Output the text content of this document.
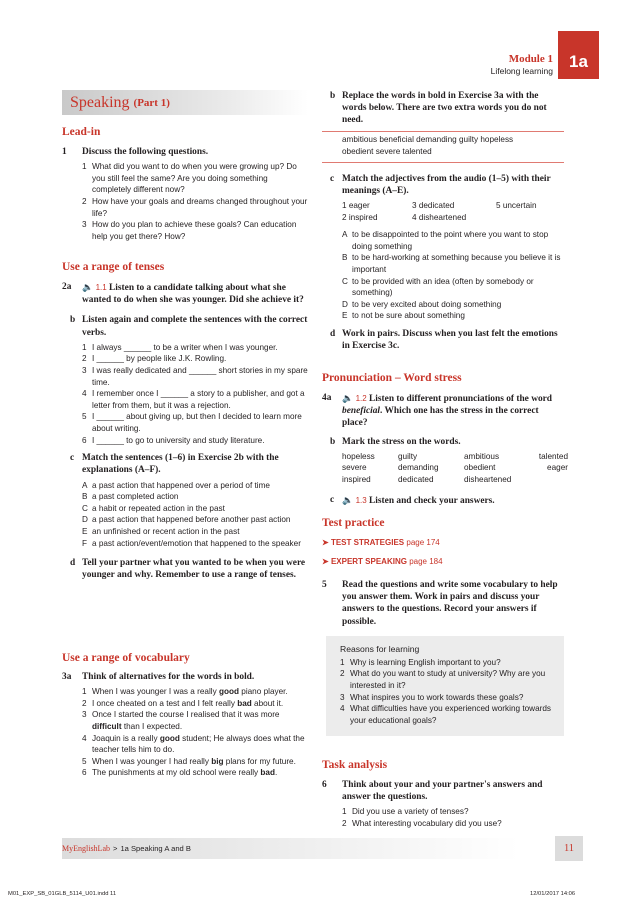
Module 1
Lifelong learning 1a
Speaking (Part 1)
Lead-in
1 Discuss the following questions.
1 What did you want to do when you were growing up? Do you still feel the same? Are you doing something completely different now?
2 How have your goals and dreams changed throughout your life?
3 How do you plan to achieve these goals? Can education help you get there? How?
Use a range of tenses
2a 🔈 1.1 Listen to a candidate talking about what she wanted to do when she was younger. Did she achieve it?
b Listen again and complete the sentences with the correct verbs.
1 I always ______ to be a writer when I was younger.
2 I ______ by people like J.K. Rowling.
3 I was really dedicated and ______ short stories in my spare time.
4 I remember once I ______ a story to a publisher, and got a letter from them, but it was a rejection.
5 I ______ about giving up, but then I decided to learn more about writing.
6 I ______ to go to university and study literature.
c Match the sentences (1–6) in Exercise 2b with the explanations (A–F).
A a past action that happened over a period of time
B a past completed action
C a habit or repeated action in the past
D a past action that happened before another past action
E an unfinished or recent action in the past
F a past action/event/emotion that happened to the speaker
d Tell your partner what you wanted to be when you were younger and why. Remember to use a range of tenses.
Use a range of vocabulary
3a Think of alternatives for the words in bold.
1 When I was younger I was a really good piano player.
2 I once cheated on a test and I felt really bad about it.
3 Once I started the course I realised that it was more difficult than I expected.
4 Joaquin is a really good student; He always does what the teacher tells him to do.
5 When I was younger I had really big plans for my future.
6 The punishments at my old school were really bad.
b Replace the words in bold in Exercise 3a with the words below. There are two extra words you do not need.
ambitious beneficial demanding guilty hopeless
obedient severe talented
c Match the adjectives from the audio (1–5) with their meanings (A–E).
1 eager	3 dedicated	5 uncertain
2 inspired	4 disheartened
A to be disappointed to the point where you want to stop doing something
B to be hard-working at something because you believe it is important
C to be provided with an idea (often by somebody or something)
D to be very excited about doing something
E to not be sure about something
d Work in pairs. Discuss when you last felt the emotions in Exercise 3c.
Pronunciation – Word stress
4a 🔈 1.2 Listen to different pronunciations of the word beneficial. Which one has the stress in the correct place?
b Mark the stress on the words.
hopeless	guilty	ambitious	talented
severe	demanding	obedient	eager
inspired	dedicated	disheartened
c 🔈 1.3 Listen and check your answers.
Test practice
➤ TEST STRATEGIES page 174
➤ EXPERT SPEAKING page 184
5 Read the questions and write some vocabulary to help you answer them. Work in pairs and discuss your answers to the questions. Record your answers if possible.
Reasons for learning
1 Why is learning English important to you?
2 What do you want to study at university? Why are you interested in it?
3 What inspires you to work towards these goals?
4 What difficulties have you experienced working towards your educational goals?
Task analysis
6 Think about your and your partner's answers and answer the questions.
1 Did you use a variety of tenses?
2 What interesting vocabulary did you use?
MyEnglishLab > 1a Speaking A and B	11
M01_EXP_SB_01GLB_5114_U01.indd 11	12/01/2017 14:06
